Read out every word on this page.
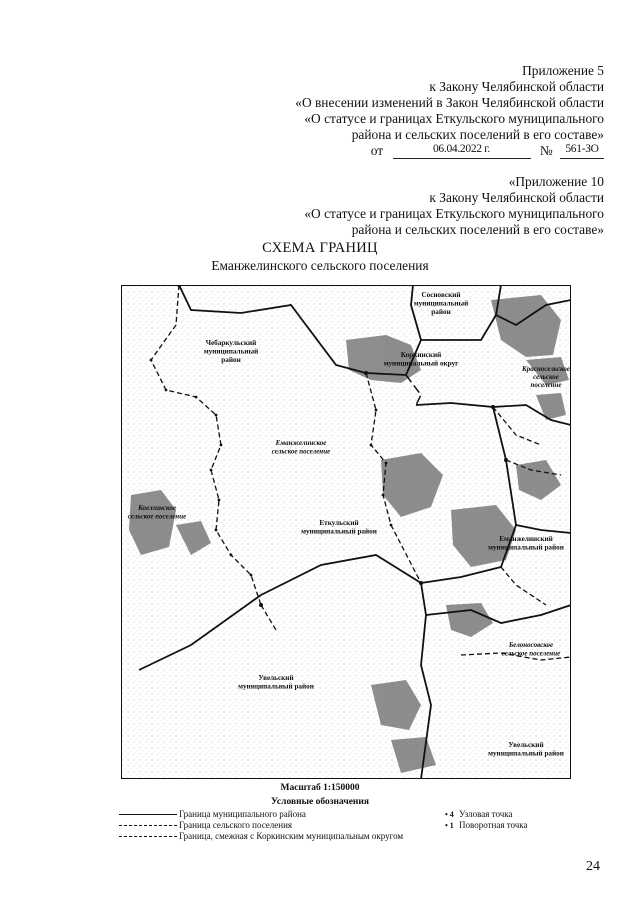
Приложение 5
к Закону Челябинской области
«О внесении изменений в Закон Челябинской области
«О статусе и границах Еткульского муниципального
района и сельских поселений в его составе»
от	06.04.2022 г.	№	561-ЗО
«Приложение 10
к Закону Челябинской области
«О статусе и границах Еткульского муниципального
района и сельских поселений в его составе»
СХЕМА ГРАНИЦ
Еманжелинского сельского поселения
Сосновский муниципальный район
Чебаркульский муниципальный район
Коркинский муниципальный округ
Еткульский муниципальный район
Еманжелинский муниципальный район
Увельский муниципальный район
Увельский муниципальный район
Еманжелинское сельское поселение
Коелгинское сельское поселение
Белоносовское сельское поселение
Красносельское сельское поселение
Масштаб 1:150000
Условные обозначения
Граница муниципального района
Граница сельского поселения
Граница, смежная с Коркинским муниципальным округом
• 4 Узловая точка
• 1 Поворотная точка
24
